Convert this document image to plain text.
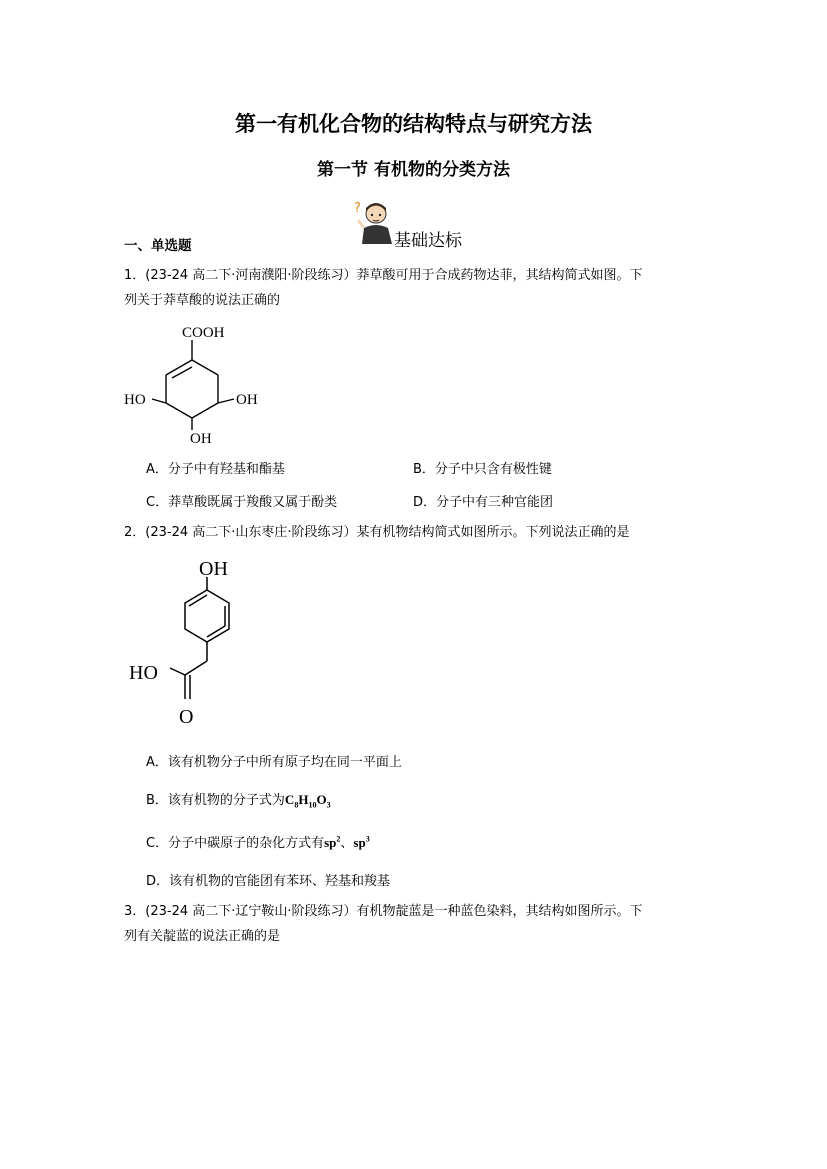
第一有机化合物的结构特点与研究方法
第一节 有机物的分类方法
?
基础达标
一、单选题
1．(23-24 高二下·河南濮阳·阶段练习）莽草酸可用于合成药物达菲，其结构简式如图。下
列关于莽草酸的说法正确的
COOH
HO	OH
OH
A．分子中有羟基和酯基	B．分子中只含有极性键
C．莽草酸既属于羧酸又属于酚类	D．分子中有三种官能团
2．(23-24 高二下·山东枣庄·阶段练习）某有机物结构简式如图所示。下列说法正确的是
OH
HO
O
A．该有机物分子中所有原子均在同一平面上
B．该有机物的分子式为$C_8H_{10}O_3$
C．分子中碳原子的杂化方式有$sp^2$、$sp^3$
D．该有机物的官能团有苯环、羟基和羧基
3．(23-24 高二下·辽宁鞍山·阶段练习）有机物靛蓝是一种蓝色染料，其结构如图所示。下
列有关靛蓝的说法正确的是
